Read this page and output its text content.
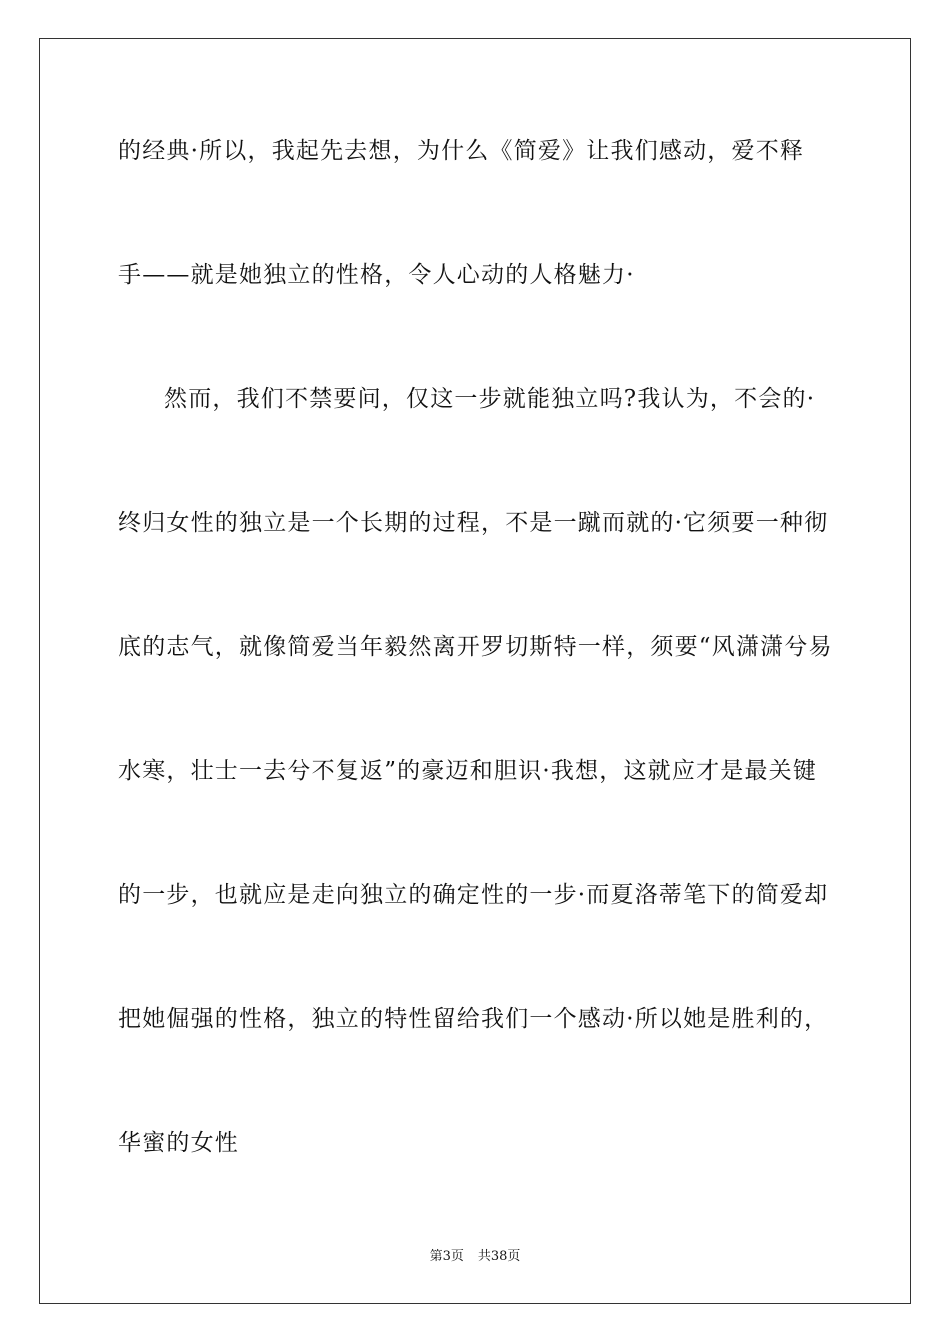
的经典·所以，我起先去想，为什么《简爱》让我们感动，爱不释
手——就是她独立的性格，令人心动的人格魅力·
然而，我们不禁要问，仅这一步就能独立吗?我认为，不会的·
终归女性的独立是一个长期的过程，不是一蹴而就的·它须要一种彻
底的志气，就像简爱当年毅然离开罗切斯特一样，须要“风潇潇兮易
水寒，壮士一去兮不复返”的豪迈和胆识·我想，这就应才是最关键
的一步，也就应是走向独立的确定性的一步·而夏洛蒂笔下的简爱却
把她倔强的性格，独立的特性留给我们一个感动·所以她是胜利的，
华蜜的女性
第3页 共38页
